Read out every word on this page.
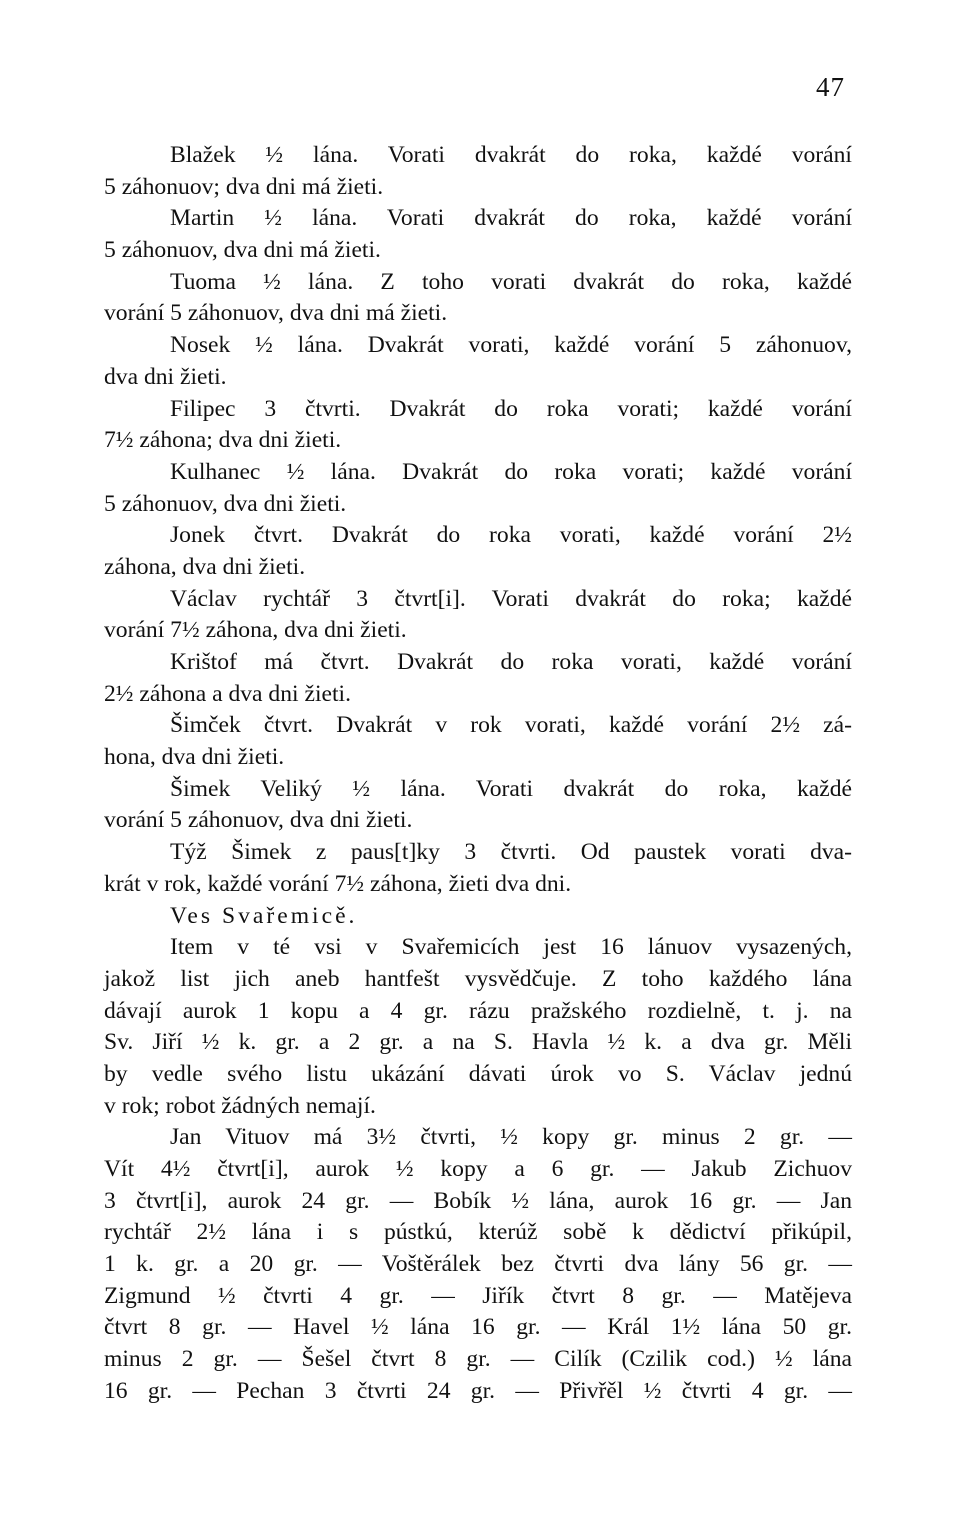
47
Blažek ½ lána. Vorati dvakrát do roka, každé vorání
5 záhonuov; dva dni má žieti.
Martin ½ lána. Vorati dvakrát do roka, každé vorání
5 záhonuov, dva dni má žieti.
Tuoma ½ lána. Z toho vorati dvakrát do roka, každé
vorání 5 záhonuov, dva dni má žieti.
Nosek ½ lána. Dvakrát vorati, každé vorání 5 záhonuov,
dva dni žieti.
Filipec 3 čtvrti. Dvakrát do roka vorati; každé vorání
7½ záhona; dva dni žieti.
Kulhanec ½ lána. Dvakrát do roka vorati; každé vorání
5 záhonuov, dva dni žieti.
Jonek čtvrt. Dvakrát do roka vorati, každé vorání 2½
záhona, dva dni žieti.
Václav rychtář 3 čtvrt[i]. Vorati dvakrát do roka; každé
vorání 7½ záhona, dva dni žieti.
Krištof má čtvrt. Dvakrát do roka vorati, každé vorání
2½ záhona a dva dni žieti.
Šimček čtvrt. Dvakrát v rok vorati, každé vorání 2½ zá-
hona, dva dni žieti.
Šimek Veliký ½ lána. Vorati dvakrát do roka, každé
vorání 5 záhonuov, dva dni žieti.
Týž Šimek z paus[t]ky 3 čtvrti. Od paustek vorati dva-
krát v rok, každé vorání 7½ záhona, žieti dva dni.
Ves Svařemicě.
Item v té vsi v Svařemicích jest 16 lánuov vysazených,
jakož list jich aneb hantfešt vysvědčuje. Z toho každého lána
dávají aurok 1 kopu a 4 gr. rázu pražského rozdielně, t. j. na
Sv. Jiří ½ k. gr. a 2 gr. a na S. Havla ½ k. a dva gr. Měli
by vedle svého listu ukázání dávati úrok vo S. Václav jednú
v rok; robot žádných nemají.
Jan Vituov má 3½ čtvrti, ½ kopy gr. minus 2 gr. —
Vít 4½ čtvrt[i], aurok ½ kopy a 6 gr. — Jakub Zichuov
3 čtvrt[i], aurok 24 gr. — Bobík ½ lána, aurok 16 gr. — Jan
rychtář 2½ lána i s pústkú, kterúž sobě k dědictví přikúpil,
1 k. gr. a 20 gr. — Voštěrálek bez čtvrti dva lány 56 gr. —
Zigmund ½ čtvrti 4 gr. — Jiřík čtvrt 8 gr. — Matějeva
čtvrt 8 gr. — Havel ½ lána 16 gr. — Král 1½ lána 50 gr.
minus 2 gr. — Šešel čtvrt 8 gr. — Cilík (Czilik cod.) ½ lána
16 gr. — Pechan 3 čtvrti 24 gr. — Přivřěl ½ čtvrti 4 gr. —
